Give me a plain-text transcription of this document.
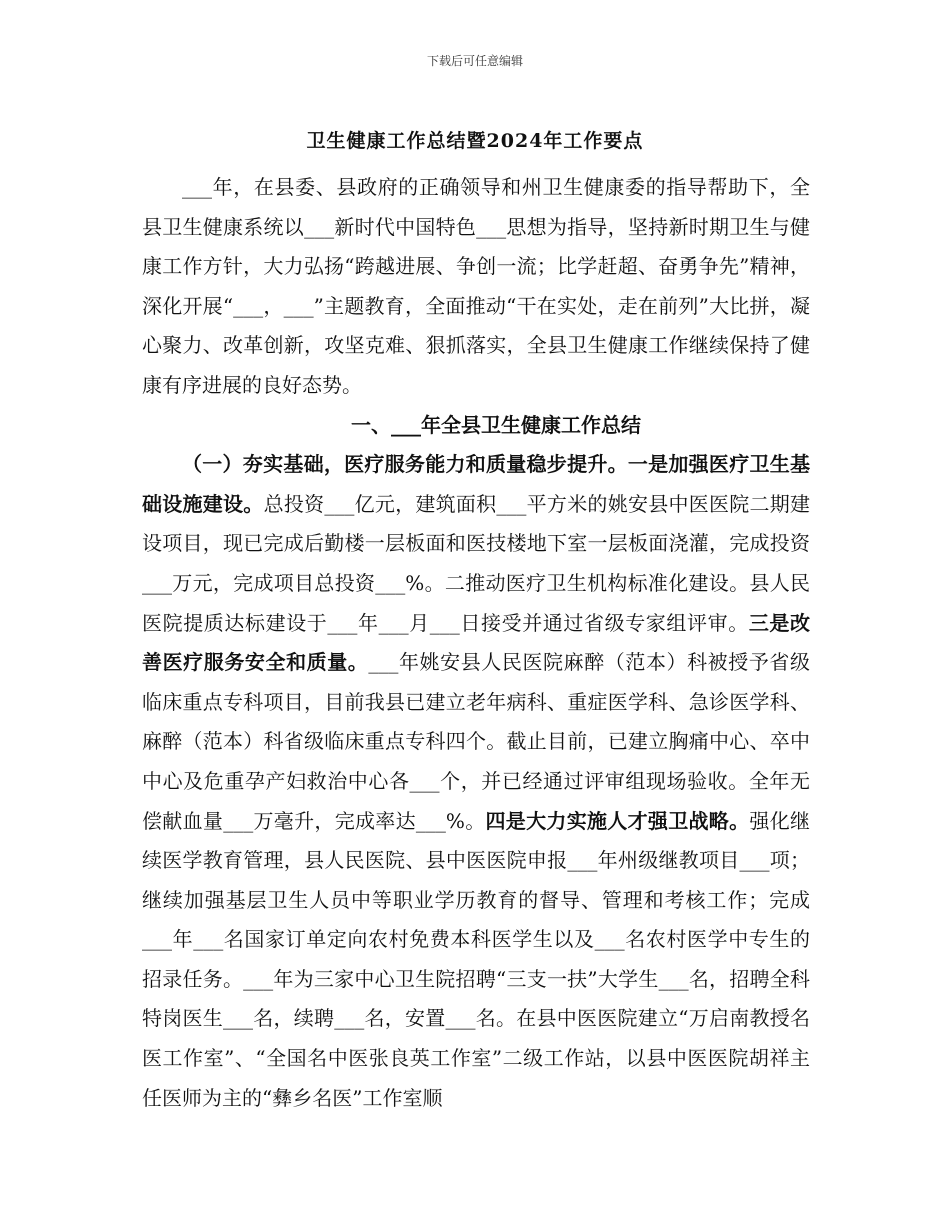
下载后可任意编辑
卫生健康工作总结暨2024年工作要点

___年，在县委、县政府的正确领导和州卫生健康委的指导帮助下，全县卫生健康系统以___新时代中国特色___思想为指导，坚持新时期卫生与健康工作方针，大力弘扬“跨越进展、争创一流；比学赶超、奋勇争先”精神，深化开展“___，___”主题教育，全面推动“干在实处，走在前列”大比拼，凝心聚力、改革创新，攻坚克难、狠抓落实，全县卫生健康工作继续保持了健康有序进展的良好态势。

一、___年全县卫生健康工作总结

（一）夯实基础，医疗服务能力和质量稳步提升。一是加强医疗卫生基础设施建设。总投资___亿元，建筑面积___平方米的姚安县中医医院二期建设项目，现已完成后勤楼一层板面和医技楼地下室一层板面浇灌，完成投资___万元，完成项目总投资___%。二推动医疗卫生机构标准化建设。县人民医院提质达标建设于___年___月___日接受并通过省级专家组评审。三是改善医疗服务安全和质量。___年姚安县人民医院麻醉（范本）科被授予省级临床重点专科项目，目前我县已建立老年病科、重症医学科、急诊医学科、麻醉（范本）科省级临床重点专科四个。截止目前，已建立胸痛中心、卒中中心及危重孕产妇救治中心各___个，并已经通过评审组现场验收。全年无偿献血量___万毫升，完成率达___%。四是大力实施人才强卫战略。强化继续医学教育管理，县人民医院、县中医医院申报___年州级继教项目___项；继续加强基层卫生人员中等职业学历教育的督导、管理和考核工作；完成___年___名国家订单定向农村免费本科医学生以及___名农村医学中专生的招录任务。___年为三家中心卫生院招聘“三支一扶”大学生___名，招聘全科特岗医生___名，续聘___名，安置___名。在县中医医院建立“万启南教授名医工作室”、“全国名中医张良英工作室”二级工作站，以县中医医院胡祥主任医师为主的“彝乡名医”工作室顺
